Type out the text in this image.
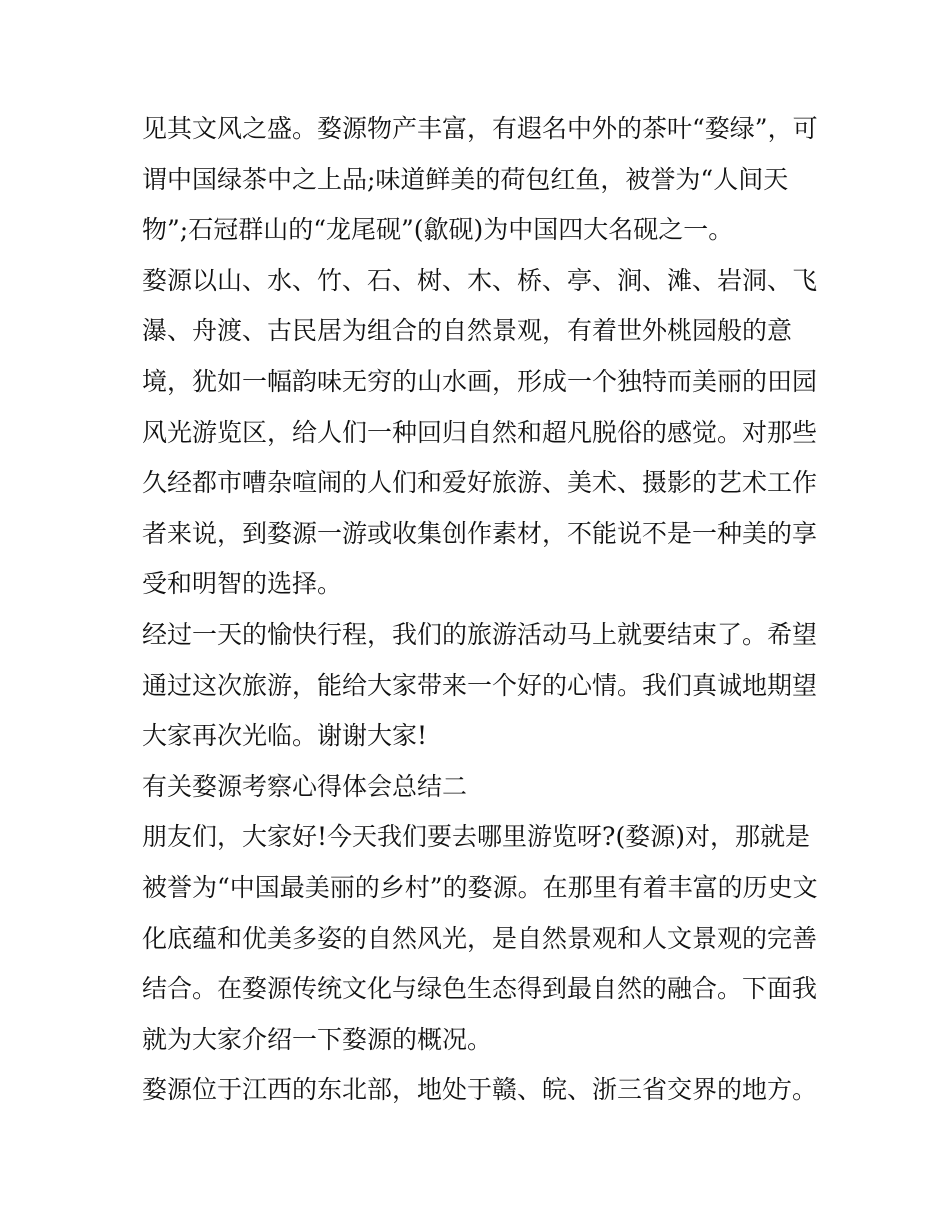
见其文风之盛。婺源物产丰富，有遐名中外的茶叶“婺绿”，可
谓中国绿茶中之上品;味道鲜美的荷包红鱼，被誉为“人间天
物”;石冠群山的“龙尾砚”(歙砚)为中国四大名砚之一。
婺源以山、水、竹、石、树、木、桥、亭、涧、滩、岩洞、飞
瀑、舟渡、古民居为组合的自然景观，有着世外桃园般的意
境，犹如一幅韵味无穷的山水画，形成一个独特而美丽的田园
风光游览区，给人们一种回归自然和超凡脱俗的感觉。对那些
久经都市嘈杂喧闹的人们和爱好旅游、美术、摄影的艺术工作
者来说，到婺源一游或收集创作素材，不能说不是一种美的享
受和明智的选择。
经过一天的愉快行程，我们的旅游活动马上就要结束了。希望
通过这次旅游，能给大家带来一个好的心情。我们真诚地期望
大家再次光临。谢谢大家!
有关婺源考察心得体会总结二
朋友们，大家好!今天我们要去哪里游览呀?(婺源)对，那就是
被誉为“中国最美丽的乡村”的婺源。在那里有着丰富的历史文
化底蕴和优美多姿的自然风光，是自然景观和人文景观的完善
结合。在婺源传统文化与绿色生态得到最自然的融合。下面我
就为大家介绍一下婺源的概况。
婺源位于江西的东北部，地处于赣、皖、浙三省交界的地方。
